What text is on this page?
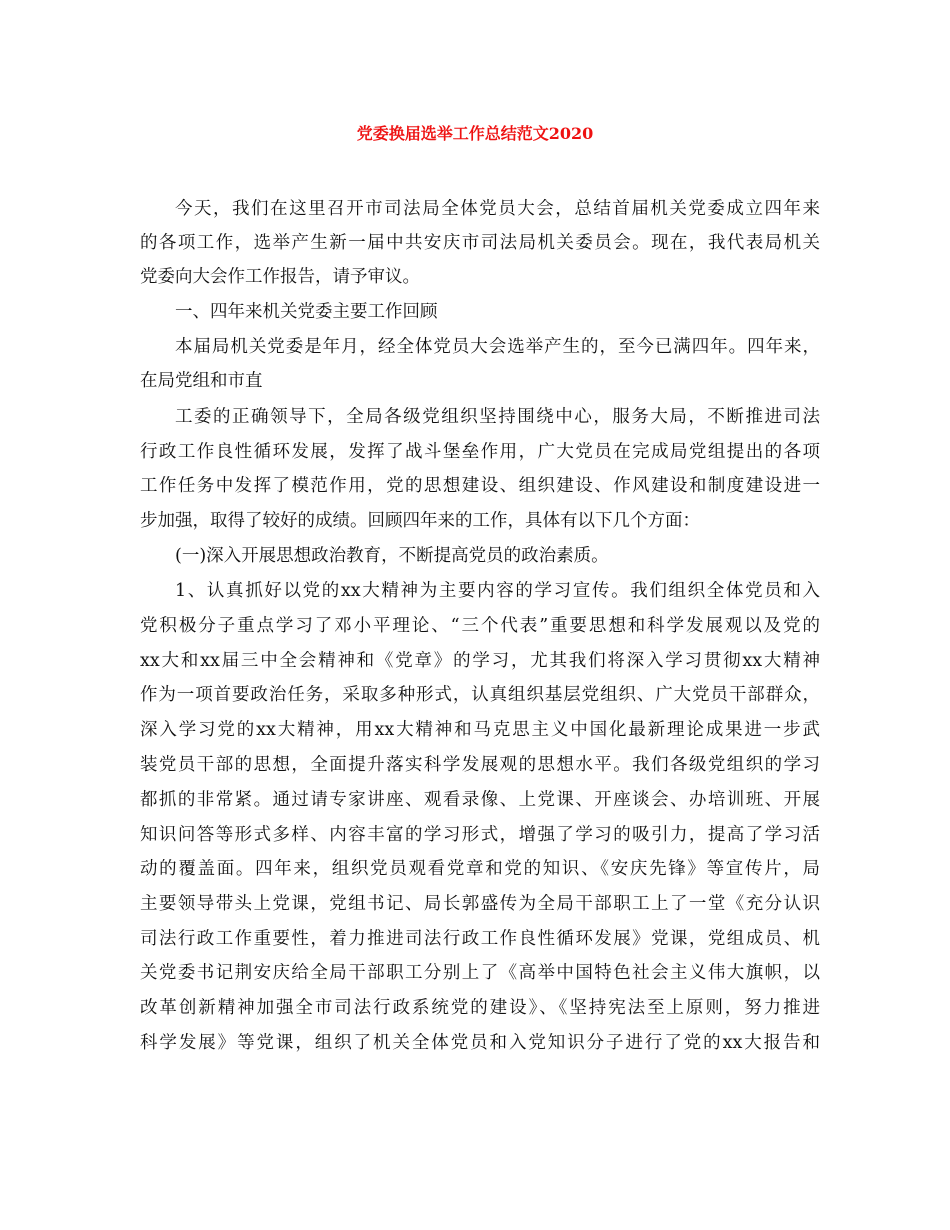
党委换届选举工作总结范文2020
今天，我们在这里召开市司法局全体党员大会，总结首届机关党委成立四年来
的各项工作，选举产生新一届中共安庆市司法局机关委员会。现在，我代表局机关
党委向大会作工作报告，请予审议。
一、四年来机关党委主要工作回顾
本届局机关党委是年月，经全体党员大会选举产生的，至今已满四年。四年来，
在局党组和市直
工委的正确领导下，全局各级党组织坚持围绕中心，服务大局，不断推进司法
行政工作良性循环发展，发挥了战斗堡垒作用，广大党员在完成局党组提出的各项
工作任务中发挥了模范作用，党的思想建设、组织建设、作风建设和制度建设进一
步加强，取得了较好的成绩。回顾四年来的工作，具体有以下几个方面：
(一)深入开展思想政治教育，不断提高党员的政治素质。
1、认真抓好以党的xx大精神为主要内容的学习宣传。我们组织全体党员和入
党积极分子重点学习了邓小平理论、“三个代表”重要思想和科学发展观以及党的
xx大和xx届三中全会精神和《党章》的学习，尤其我们将深入学习贯彻xx大精神
作为一项首要政治任务，采取多种形式，认真组织基层党组织、广大党员干部群众，
深入学习党的xx大精神，用xx大精神和马克思主义中国化最新理论成果进一步武
装党员干部的思想，全面提升落实科学发展观的思想水平。我们各级党组织的学习
都抓的非常紧。通过请专家讲座、观看录像、上党课、开座谈会、办培训班、开展
知识问答等形式多样、内容丰富的学习形式，增强了学习的吸引力，提高了学习活
动的覆盖面。四年来，组织党员观看党章和党的知识、《安庆先锋》等宣传片，局
主要领导带头上党课，党组书记、局长郭盛传为全局干部职工上了一堂《充分认识
司法行政工作重要性，着力推进司法行政工作良性循环发展》党课，党组成员、机
关党委书记荆安庆给全局干部职工分别上了《高举中国特色社会主义伟大旗帜，以
改革创新精神加强全市司法行政系统党的建设》、《坚持宪法至上原则，努力推进
科学发展》等党课，组织了机关全体党员和入党知识分子进行了党的xx大报告和
